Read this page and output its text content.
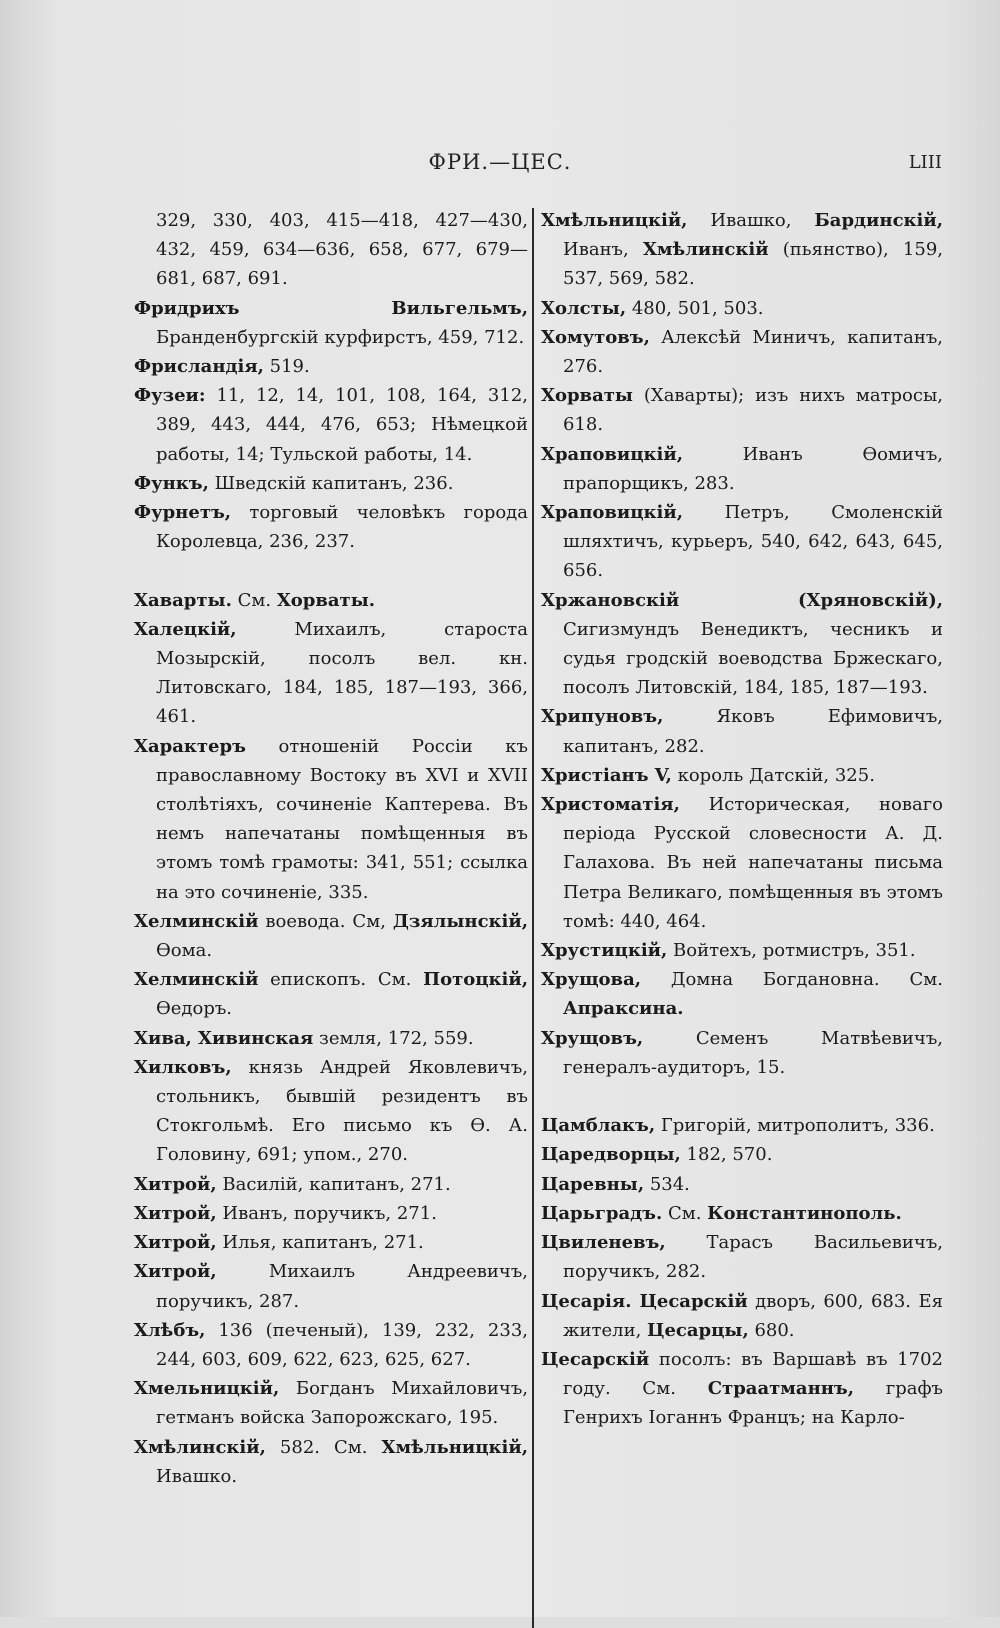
ФРИ.—ЦЕС.	LIII

329, 330, 403, 415—418, 427—430, 432, 459, 634—636, 658, 677, 679—681, 687, 691.

Фридрихъ Вильгельмъ, Бранденбургскій курфирстъ, 459, 712.

Фрисландія, 519.

Фузеи: 11, 12, 14, 101, 108, 164, 312, 389, 443, 444, 476, 653; Нѣмецкой работы, 14; Тульской работы, 14.

Функъ, Шведскій капитанъ, 236.

Фурнетъ, торговый человѣкъ города Королевца, 236, 237.

Хаварты. См. Хорваты.

Халецкій, Михаилъ, староста Мозырскій, посолъ вел. кн. Литовскаго, 184, 185, 187—193, 366, 461.

Характеръ отношеній Россіи къ православному Востоку въ XVI и XVII столѣтіяхъ, сочиненіе Каптерева. Въ немъ напечатаны помѣщенныя въ этомъ томѣ грамоты: 341, 551; ссылка на это сочиненіе, 335.

Хелминскій воевода. См, Дзялынскій, Ѳома.

Хелминскій епископъ. См. Потоцкій, Ѳедоръ.

Хива, Хивинская земля, 172, 559.

Хилковъ, князь Андрей Яковлевичъ, стольникъ, бывшій резидентъ въ Стокгольмѣ. Его письмо къ Ѳ. А. Головину, 691; упом., 270.

Хитрой, Василій, капитанъ, 271.

Хитрой, Иванъ, поручикъ, 271.

Хитрой, Илья, капитанъ, 271.

Хитрой, Михаилъ Андреевичъ, поручикъ, 287.

Хлѣбъ, 136 (печеный), 139, 232, 233, 244, 603, 609, 622, 623, 625, 627.

Хмельницкій, Богданъ Михайловичъ, гетманъ войска Запорожскаго, 195.

Хмѣлинскій, 582. См. Хмѣльницкій, Ивашко.

Хмѣльницкій, Ивашко, Бардинскій, Иванъ, Хмѣлинскій (пьянство), 159, 537, 569, 582.

Холсты, 480, 501, 503.

Хомутовъ, Алексѣй Миничъ, капитанъ, 276.

Хорваты (Хаварты); изъ нихъ матросы, 618.

Храповицкій, Иванъ Ѳомичъ, прапорщикъ, 283.

Храповицкій, Петръ, Смоленскій шляхтичъ, курьеръ, 540, 642, 643, 645, 656.

Хржановскій (Хряновскій), Сигизмундъ Венедиктъ, чесникъ и судья гродскій воеводства Бржескаго, посолъ Литовскій, 184, 185, 187—193.

Хрипуновъ, Яковъ Ефимовичъ, капитанъ, 282.

Христіанъ V, король Датскій, 325.

Христоматія, Историческая, новаго періода Русской словесности А. Д. Галахова. Въ ней напечатаны письма Петра Великаго, помѣщенныя въ этомъ томѣ: 440, 464.

Хрустицкій, Войтехъ, ротмистръ, 351.

Хрущова, Домна Богдановна. См. Апраксина.

Хрущовъ, Семенъ Матвѣевичъ, генералъ-аудиторъ, 15.

Цамблакъ, Григорій, митрополитъ, 336.

Царедворцы, 182, 570.

Царевны, 534.

Царьградъ. См. Константинополь.

Цвиленевъ, Тарасъ Васильевичъ, поручикъ, 282.

Цесарія. Цесарскій дворъ, 600, 683. Ея жители, Цесарцы, 680.

Цесарскій посолъ: въ Варшавѣ въ 1702 году. См. Страатманнъ, графъ Генрихъ Іоганнъ Францъ; на Карло-
